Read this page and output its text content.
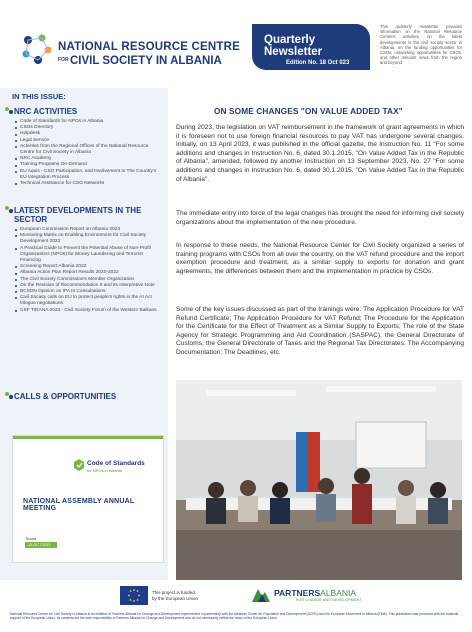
NATIONAL RESOURCE CENTRE
FORCIVIL SOCIETY IN ALBANIA
Quarterly Newsletter
Edition No. 18 Oct 023
This quarterly newsletter provides information on the National Resource Centre's activities, on the latest developments in the civil society sector in Albania, on the funding opportunities for CSOs, networking opportunities for CSOs, and other relevant news from the region and beyond.
IN THIS ISSUE:
NRC ACTIVITIES
Code of Standards for NPOs in Albania
CSOs Directory
Helpdesk
Legal Service
Activities from the Regional Offices of the National Resource Centre for Civil Society in Albania
NRC Academy
Training Programs On-Demand
EU Aquis - CSO Participation, and Involvement In The Country's EU Integration Process
Technical Assistance for CSO Networks
LATEST DEVELOPMENTS IN THE SECTOR
European Commission Report on Albania 2023
Monitoring Matrix on Enabling Environment for Civil Society Development 2022
A Practical Guide to Prevent the Potential Abuse of Non-Profit Organizations (NPOs) for Money Laundering and Terrorist Financing
Screening Report Albania 2022
Albania Action Plan Report Results 2020-2022
The Civil Society Commission's Member Organization
On the Revision of Recommendation 8 and its Interpretive Note
BCSDN Opinion on IPA III Consultations
Civil Society calls on EU to protect people's rights in the AI Act trilogue negotiations
CSF TIRANA 2023 - Civil Society Forum of the Western Balkans
CALLS & OPPORTUNITIES
Code of Standards
for NPOs in Albania
NATIONAL ASSEMBLY ANNUAL MEETING
Tirana
12.OCT.2023
ON SOME CHANGES "ON VALUE ADDED TAX"
During 2023, the legislation on VAT reimbursement in the framework of grant agreements in which it is foreseen not to use foreign financial resources to pay VAT has undergone several changes. Initially, on 13 April 2023, it was published in the official gazette, the Instruction No. 11 "For some additions and changes in Instruction No. 6, dated 30.1.2015, "On Value Added Tax in the Republic of Albania", amended, followed by another Instruction on 13 September 2023, No. 27 "For some additions and changes in Instruction No. 6, dated 30.1.2015, "On Value Added Tax in the Republic of Albania".
The immediate entry into force of the legal changes has brought the need for informing civil society organizations about the implementation of the new procedure.
In response to these needs, the National Resource Center for Civil Society organized a series of training programs with CSOs from all over the country, on the VAT refund procedure and the import exemption procedure and treatment, as a similar supply to exports for donation and grant agreements, the differences between them and the implementation in practice by CSOs.
Some of the key issues discussed as part of the trainings were: The Application Procedure for VAT Refund Certificate; The Application Procedure for VAT Refund; The Procedure for the Application for the Certificate for the Effect of Treatment as a Similar Supply to Exports; The role of the State Agency for Strategic Programming and Aid Coordination (SASPAC), the General Directorate of Customs, the General Directorate of Taxes and the Regional Tax Directorates; The Accompanying Documentation; The Deadlines, etc.
This project is funded
by the European Union	PARTNERSALBANIA
FOR CHANGE AND DEVELOPMENT
National Resource Centre for Civil Society in Albania is an initiative of Partners Albania for Change and Development implemented in partnership with the Albanian Center for Population and Development (ACPD) and the European Movement in Albania (EMA). This publication was produced with the financial support of the European Union. Its contents are the sole responsibility of Partners Albania for Change and Development and do not necessarily reflect the views of the European Union.
